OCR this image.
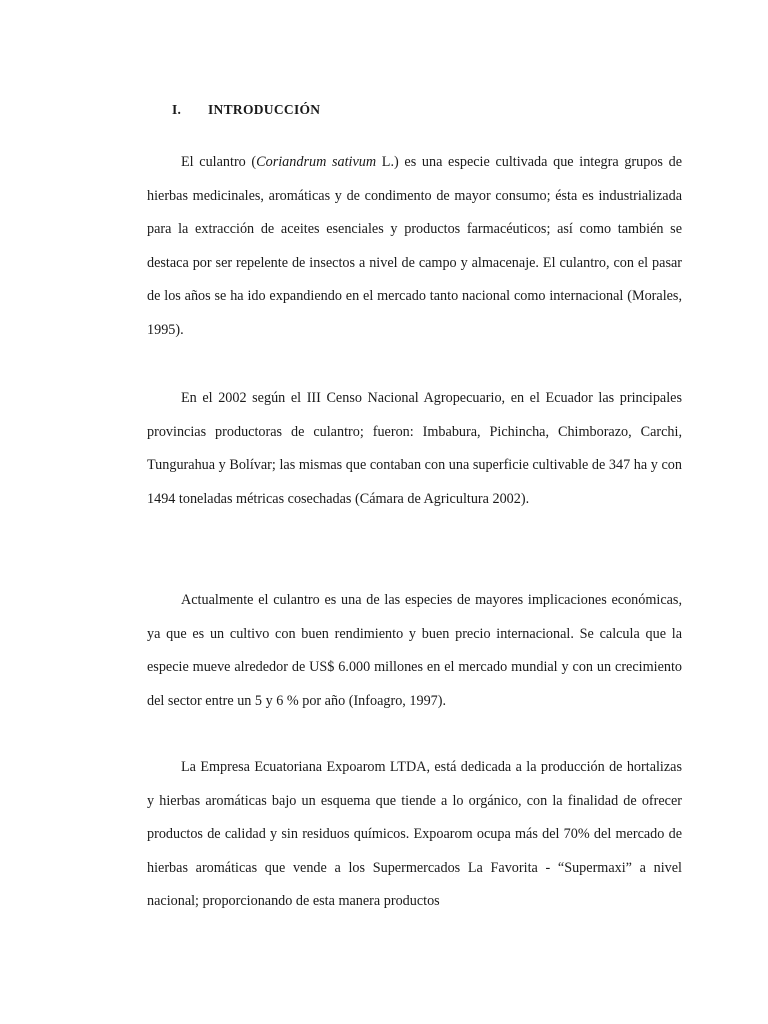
I. INTRODUCCIÓN

El culantro (Coriandrum sativum L.) es una especie cultivada que integra grupos de hierbas medicinales, aromáticas y de condimento de mayor consumo; ésta es industrializada para la extracción de aceites esenciales y productos farmacéuticos; así como también se destaca por ser repelente de insectos a nivel de campo y almacenaje. El culantro, con el pasar de los años se ha ido expandiendo en el mercado tanto nacional como internacional (Morales, 1995).

En el 2002 según el III Censo Nacional Agropecuario, en el Ecuador las principales provincias productoras de culantro; fueron: Imbabura, Pichincha, Chimborazo, Carchi, Tungurahua y Bolívar; las mismas que contaban con una superficie cultivable de 347 ha y con 1494 toneladas métricas cosechadas (Cámara de Agricultura 2002).

Actualmente el culantro es una de las especies de mayores implicaciones económicas, ya que es un cultivo con buen rendimiento y buen precio internacional. Se calcula que la especie mueve alrededor de US$ 6.000 millones en el mercado mundial y con un crecimiento del sector entre un 5 y 6 % por año (Infoagro, 1997).

La Empresa Ecuatoriana Expoarom LTDA, está dedicada a la producción de hortalizas y hierbas aromáticas bajo un esquema que tiende a lo orgánico, con la finalidad de ofrecer productos de calidad y sin residuos químicos. Expoarom ocupa más del 70% del mercado de hierbas aromáticas que vende a los Supermercados La Favorita - “Supermaxi” a nivel nacional; proporcionando de esta manera productos
